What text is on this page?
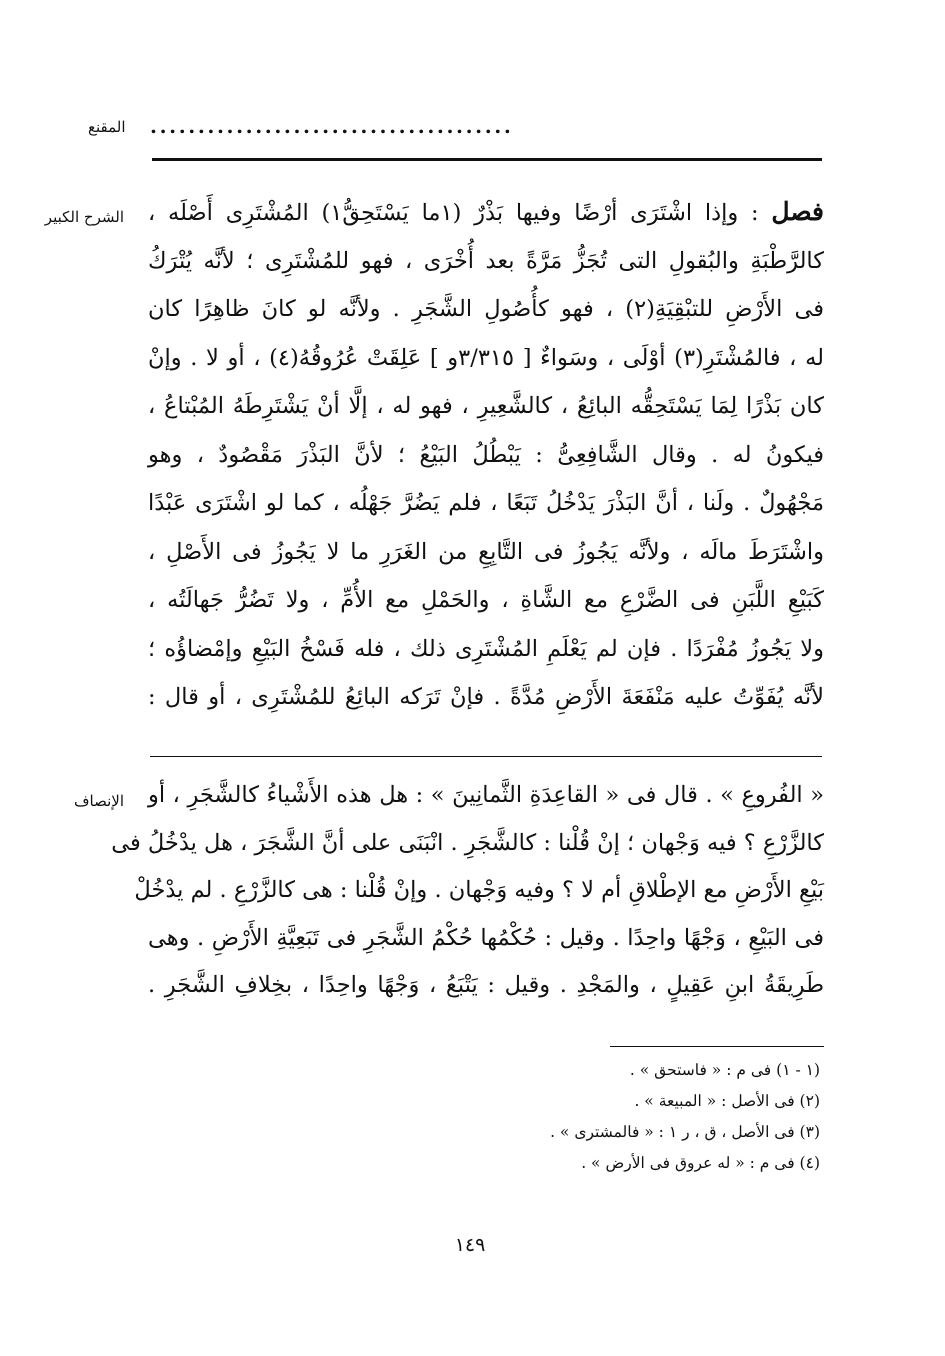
المقنع ......................................
الشرح الكبير	فصل : وإذا اشْتَرَى أرْضًا وفيها بَذْرٌ (١ما يَسْتَحِقُّ١) المُشْتَرِى أَصْلَه ،
كالرَّطْبَةِ والبُقولِ التى تُجَزُّ مَرَّةً بعد أُخْرَى ، فهو للمُشْتَرِى ؛ لأنَّه يُتْرَكُ
فى الأَرْضِ للتبْقِيَةِ(٢) ، فهو كأُصُولِ الشَّجَرِ . ولأنَّه لو كانَ ظاهِرًا كان
له ، فالمُشْتَرِ(٣) أوْلَى ، وسَواءٌ [ ٣/٣١٥و ] عَلِقَتْ عُرُوقُهُ(٤) ، أو لا . وإنْ
كان بَذْرًا لِمَا يَسْتَحِقُّه البائِعُ ، كالشَّعِيرِ ، فهو له ، إلَّا أنْ يَشْتَرِطَهُ المُبْتاعُ ،
فيكونُ له . وقال الشَّافِعِىُّ : يَبْطُلُ البَيْعُ ؛ لأنَّ البَذْرَ مَقْصُودٌ ، وهو
مَجْهُولٌ . ولَنا ، أنَّ البَذْرَ يَدْخُلُ تَبَعًا ، فلم يَضُرَّ جَهْلُه ، كما لو اشْتَرَى عَبْدًا
واشْتَرَطَ مالَه ، ولأنَّه يَجُوزُ فى التَّابِعِ من الغَرَرِ ما لا يَجُوزُ فى الأَصْلِ ،
كَبَيْعِ اللَّبَنِ فى الضَّرْعِ مع الشَّاةِ ، والحَمْلِ مع الأُمِّ ، ولا تَضُرُّ جَهالَتُه ،
ولا يَجُوزُ مُفْرَدًا . فإن لم يَعْلَمِ المُشْتَرِى ذلك ، فله فَسْخُ البَيْعِ وإمْضاؤُه ؛
لأنَّه يُفَوِّتُ عليه مَنْفَعَةَ الأَرْضِ مُدَّةً . فإنْ تَرَكه البائِعُ للمُشْتَرِى ، أو قال :
الإنصاف « الفُروعِ » . قال فى « القاعِدَةِ الثَّمانِينَ » : هل هذه الأَشْياءُ كالشَّجَرِ ، أو
كالزَّرْعِ ؟ فيه وَجْهان ؛ إنْ قُلْنا : كالشَّجَرِ . انْبَنَى على أنَّ الشَّجَرَ ، هل يدْخُلُ فى
بَيْعِ الأَرْضِ مع الإطْلاقِ أم لا ؟ وفيه وَجْهان . وإنْ قُلْنا : هى كالزَّرْعِ . لم يدْخُلْ
فى البَيْعِ ، وَجْهًا واحِدًا . وقيل : حُكْمُها حُكْمُ الشَّجَرِ فى تَبَعِيَّةِ الأَرْضِ . وهى
طَرِيقَةُ ابنِ عَقِيلٍ ، والمَجْدِ . وقيل : يَتْبَعُ ، وَجْهًا واحِدًا ، بخِلافِ الشَّجَرِ .
(١ - ١) فى م : « فاستحق » .
(٢) فى الأصل : « المبيعة » .
(٣) فى الأصل ، ق ، ر ١ : « فالمشترى » .
(٤) فى م : « له عروق فى الأرض » .
١٤٩
